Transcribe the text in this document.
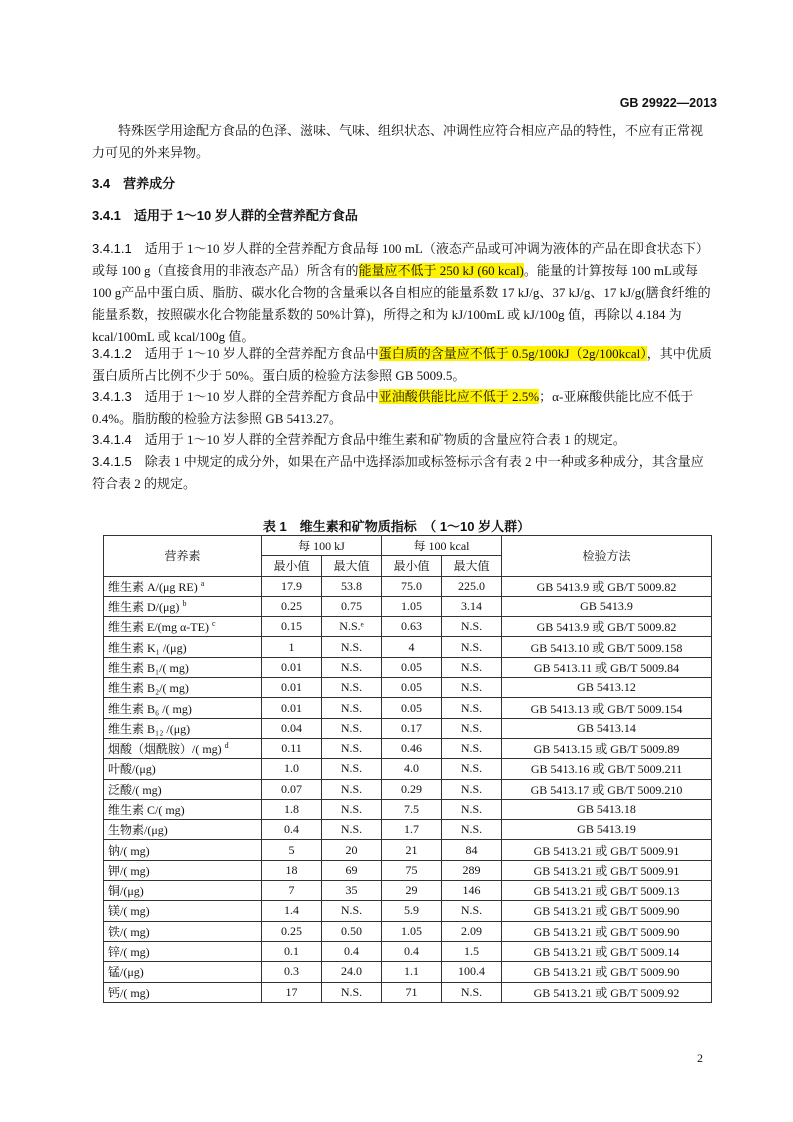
GB 29922—2013
特殊医学用途配方食品的色泽、滋味、气味、组织状态、冲调性应符合相应产品的特性，不应有正常视力可见的外来异物。
3.4　 营养成分
3.4.1　 适用于 1～10 岁人群的全营养配方食品
3.4.1.1　 适用于 1～10 岁人群的全营养配方食品每 100 mL（液态产品或可冲调为液体的产品在即食状态下）或每 100 g（直接食用的非液态产品）所含有的能量应不低于 250 kJ (60 kcal)。能量的计算按每 100 mL或每 100 g产品中蛋白质、脂肪、碳水化合物的含量乘以各自相应的能量系数 17 kJ/g、37 kJ/g、17 kJ/g(膳食纤维的能量系数，按照碳水化合物能量系数的 50%计算)，所得之和为 kJ/100mL 或 kJ/100g 值，再除以 4.184 为 kcal/100mL 或 kcal/100g 值。
3.4.1.2　 适用于 1～10 岁人群的全营养配方食品中蛋白质的含量应不低于 0.5g/100kJ（2g/100kcal），其中优质蛋白质所占比例不少于 50%。蛋白质的检验方法参照 GB 5009.5。
3.4.1.3　 适用于 1～10 岁人群的全营养配方食品中亚油酸供能比应不低于 2.5%；α-亚麻酸供能比应不低于 0.4%。脂肪酸的检验方法参照 GB 5413.27。
3.4.1.4　 适用于 1～10 岁人群的全营养配方食品中维生素和矿物质的含量应符合表 1 的规定。
3.4.1.5　 除表 1 中规定的成分外，如果在产品中选择添加或标签标示含有表 2 中一种或多种成分，其含量应符合表 2 的规定。
表 1　维生素和矿物质指标　（ 1～10 岁人群）
营养素	每 100 kJ		每 100 kcal		检验方法
	最小值	最大值	最小值	最大值	
维生素 A/(μg RE) $^a$	17.9	53.8	75.0	225.0	GB 5413.9 或 GB/T 5009.82
维生素 D/(μg) $^b$	0.25	0.75	1.05	3.14	GB 5413.9
维生素 E/(mg α-TE) $^c$	0.15	N.S.ᵉ	0.63	N.S.	GB 5413.9 或 GB/T 5009.82
维生素 K₁ /(μg)	1	N.S.	4	N.S.	GB 5413.10 或 GB/T 5009.158
维生素 B₁/( mg)	0.01	N.S.	0.05	N.S.	GB 5413.11 或 GB/T 5009.84
维生素 B₂/( mg)	0.01	N.S.	0.05	N.S.	GB 5413.12
维生素 B₆ /( mg)	0.01	N.S.	0.05	N.S.	GB 5413.13 或 GB/T 5009.154
维生素 B₁₂ /(μg)	0.04	N.S.	0.17	N.S.	GB 5413.14
烟酸（烟酰胺）/( mg) $^d$	0.11	N.S.	0.46	N.S.	GB 5413.15 或 GB/T 5009.89
叶酸/(μg)	1.0	N.S.	4.0	N.S.	GB 5413.16 或 GB/T 5009.211
泛酸/( mg)	0.07	N.S.	0.29	N.S.	GB 5413.17 或 GB/T 5009.210
维生素 C/( mg)	1.8	N.S.	7.5	N.S.	GB 5413.18
生物素/(μg)	0.4	N.S.	1.7	N.S.	GB 5413.19
钠/( mg)	5	20	21	84	GB 5413.21 或 GB/T 5009.91
钾/( mg)	18	69	75	289	GB 5413.21 或 GB/T 5009.91
铜/(μg)	7	35	29	146	GB 5413.21 或 GB/T 5009.13
镁/( mg)	1.4	N.S.	5.9	N.S.	GB 5413.21 或 GB/T 5009.90
铁/( mg)	0.25	0.50	1.05	2.09	GB 5413.21 或 GB/T 5009.90
锌/( mg)	0.1	0.4	0.4	1.5	GB 5413.21 或 GB/T 5009.14
锰/(μg)	0.3	24.0	1.1	100.4	GB 5413.21 或 GB/T 5009.90
钙/( mg)	17	N.S.	71	N.S.	GB 5413.21 或 GB/T 5009.92
2
